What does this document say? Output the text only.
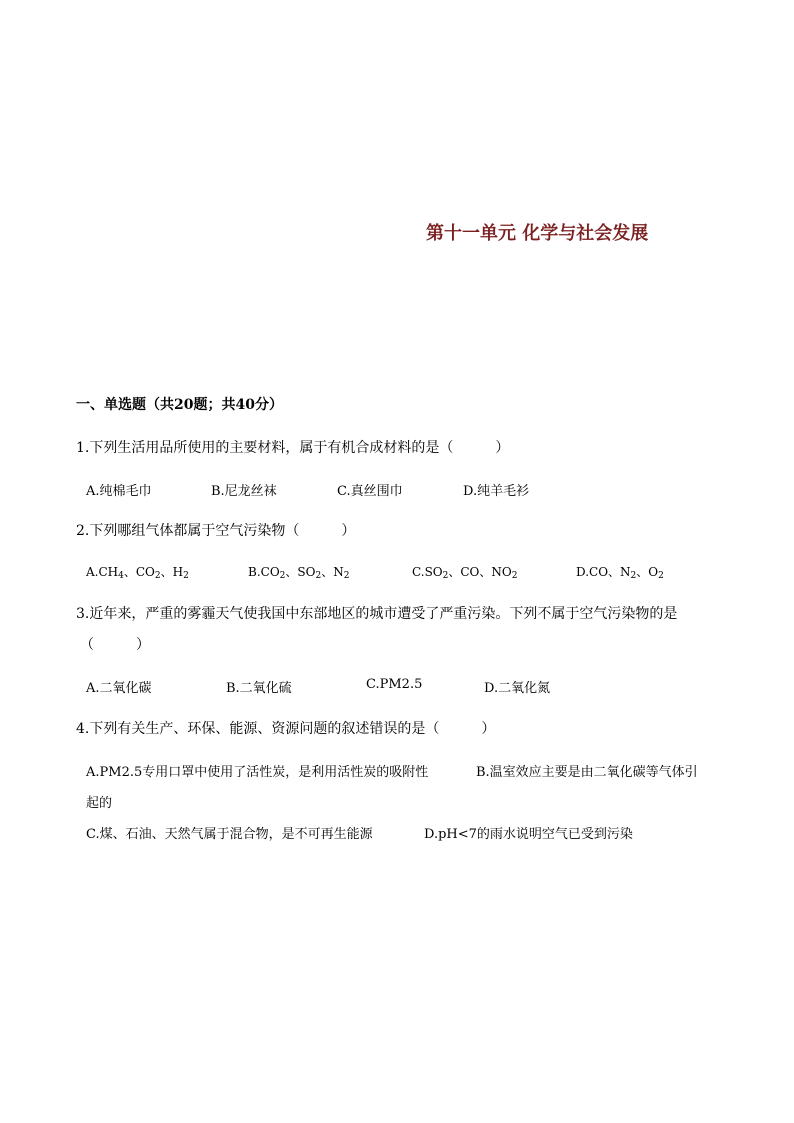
第十一单元 化学与社会发展
一、单选题（共20题；共40分）
1.下列生活用品所使用的主要材料，属于有机合成材料的是（　　　）
A.纯棉毛巾	B.尼龙丝袜	C.真丝围巾	D.纯羊毛衫
2.下列哪组气体都属于空气污染物（　　　）
$A.CH_4$、$CO_2$、$H_2$	$B.CO_2$、$SO_2$、$N_2$	$C.SO_2$、CO、$NO_2$	D.CO、$N_2$、$O_2$
3.近年来，严重的雾霾天气使我国中东部地区的城市遭受了严重污染。下列不属于空气污染物的是
（　　　）
A.二氧化碳	B.二氧化硫	C.PM2.5	D.二氧化氮
4.下列有关生产、环保、能源、资源问题的叙述错误的是（　　　）
A.PM2.5专用口罩中使用了活性炭，是利用活性炭的吸附性	B.温室效应主要是由二氧化碳等气体引
起的
C.煤、石油、天然气属于混合物，是不可再生能源	D.pH<7的雨水说明空气已受到污染
